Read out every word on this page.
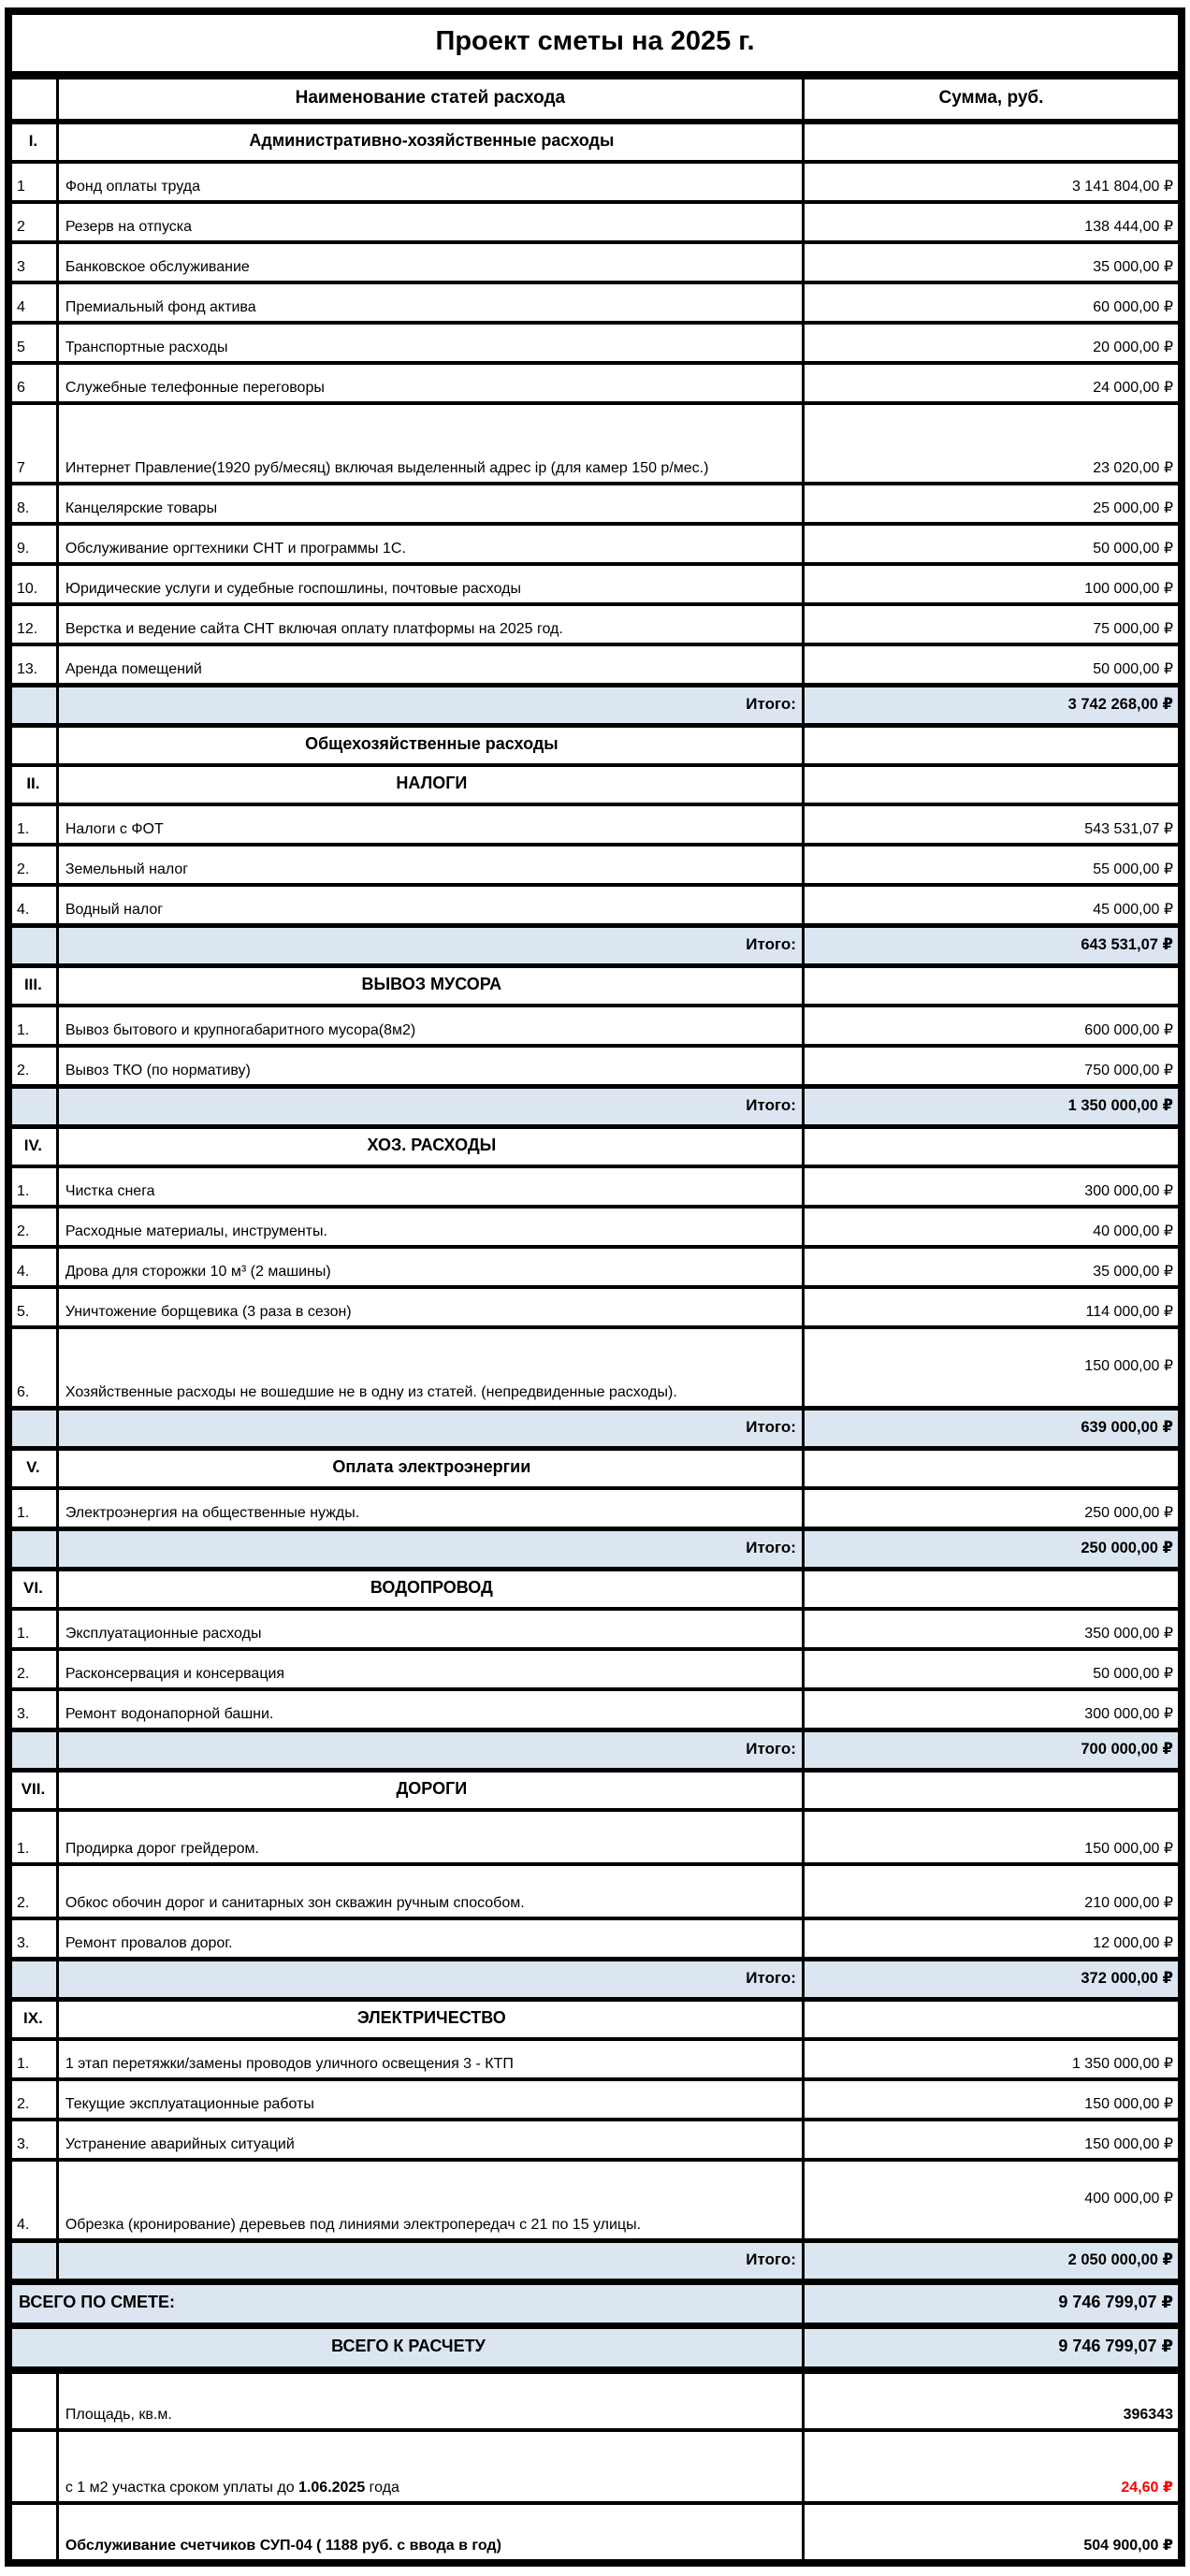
Проект сметы на 2025 г.		
	Наименование статей расхода	Сумма, руб.
I.	Административно-хозяйственные расходы	
1	Фонд оплаты труда	3 141 804,00 ₽
2	Резерв на отпуска	138 444,00 ₽
3	Банковское обслуживание	35 000,00 ₽
4	Премиальный фонд актива	60 000,00 ₽
5	Транспортные расходы	20 000,00 ₽
6	Служебные телефонные переговоры	24 000,00 ₽
7	Интернет Правление(1920 руб/месяц) включая выделенный адрес ip (для камер 150 р/мес.)	23 020,00 ₽
8.	Канцелярские товары	25 000,00 ₽
9.	Обслуживание оргтехники СНТ и программы 1С.	50 000,00 ₽
10.	Юридические услуги и судебные госпошлины, почтовые расходы	100 000,00 ₽
12.	Верстка и ведение сайта СНТ включая оплату платформы на 2025 год.	75 000,00 ₽
13.	Аренда помещений	50 000,00 ₽
	Итого:	3 742 268,00 ₽
	Общехозяйственные расходы	
II.	НАЛОГИ	
1.	Налоги с ФОТ	543 531,07 ₽
2.	Земельный налог	55 000,00 ₽
4.	Водный налог	45 000,00 ₽
	Итого:	643 531,07 ₽
III.	ВЫВОЗ МУСОРА	
1.	Вывоз бытового и крупногабаритного мусора(8м2)	600 000,00 ₽
2.	Вывоз ТКО (по нормативу)	750 000,00 ₽
	Итого:	1 350 000,00 ₽
IV.	ХОЗ. РАСХОДЫ	
1.	Чистка снега	300 000,00 ₽
2.	Расходные материалы, инструменты.	40 000,00 ₽
4.	Дрова для сторожки 10 м³ (2 машины)	35 000,00 ₽
5.	Уничтожение борщевика (3 раза в сезон)	114 000,00 ₽
6.	Хозяйственные расходы не вошедшие не в одну из статей. (непредвиденные расходы).	150 000,00 ₽
	Итого:	639 000,00 ₽
V.	Оплата электроэнергии	
1.	Электроэнергия на общественные нужды.	250 000,00 ₽
	Итого:	250 000,00 ₽
VI.	ВОДОПРОВОД	
1.	Эксплуатационные расходы	350 000,00 ₽
2.	Расконсервация и консервация	50 000,00 ₽
3.	Ремонт водонапорной башни.	300 000,00 ₽
	Итого:	700 000,00 ₽
VII.	ДОРОГИ	
1.	Продирка дорог грейдером.	150 000,00 ₽
2.	Обкос обочин дорог и санитарных зон скважин ручным способом.	210 000,00 ₽
3.	Ремонт провалов дорог.	12 000,00 ₽
	Итого:	372 000,00 ₽
IX.	ЭЛЕКТРИЧЕСТВО	
1.	1 этап перетяжки/замены проводов уличного освещения 3 - КТП	1 350 000,00 ₽
2.	Текущие эксплуатационные работы	150 000,00 ₽
3.	Устранение аварийных ситуаций	150 000,00 ₽
4.	Обрезка (кронирование) деревьев под линиями электропередач с 21 по 15 улицы.	400 000,00 ₽
	Итого:	2 050 000,00 ₽
ВСЕГО ПО СМЕТЕ:		9 746 799,07 ₽
ВСЕГО К РАСЧЕТУ		9 746 799,07 ₽
	Площадь, кв.м.	396343
	с 1 м2 участка сроком уплаты до 1.06.2025 года	24,60 ₽
	Обслуживание счетчиков СУП-04 ( 1188 руб. с ввода в год)	504 900,00 ₽
